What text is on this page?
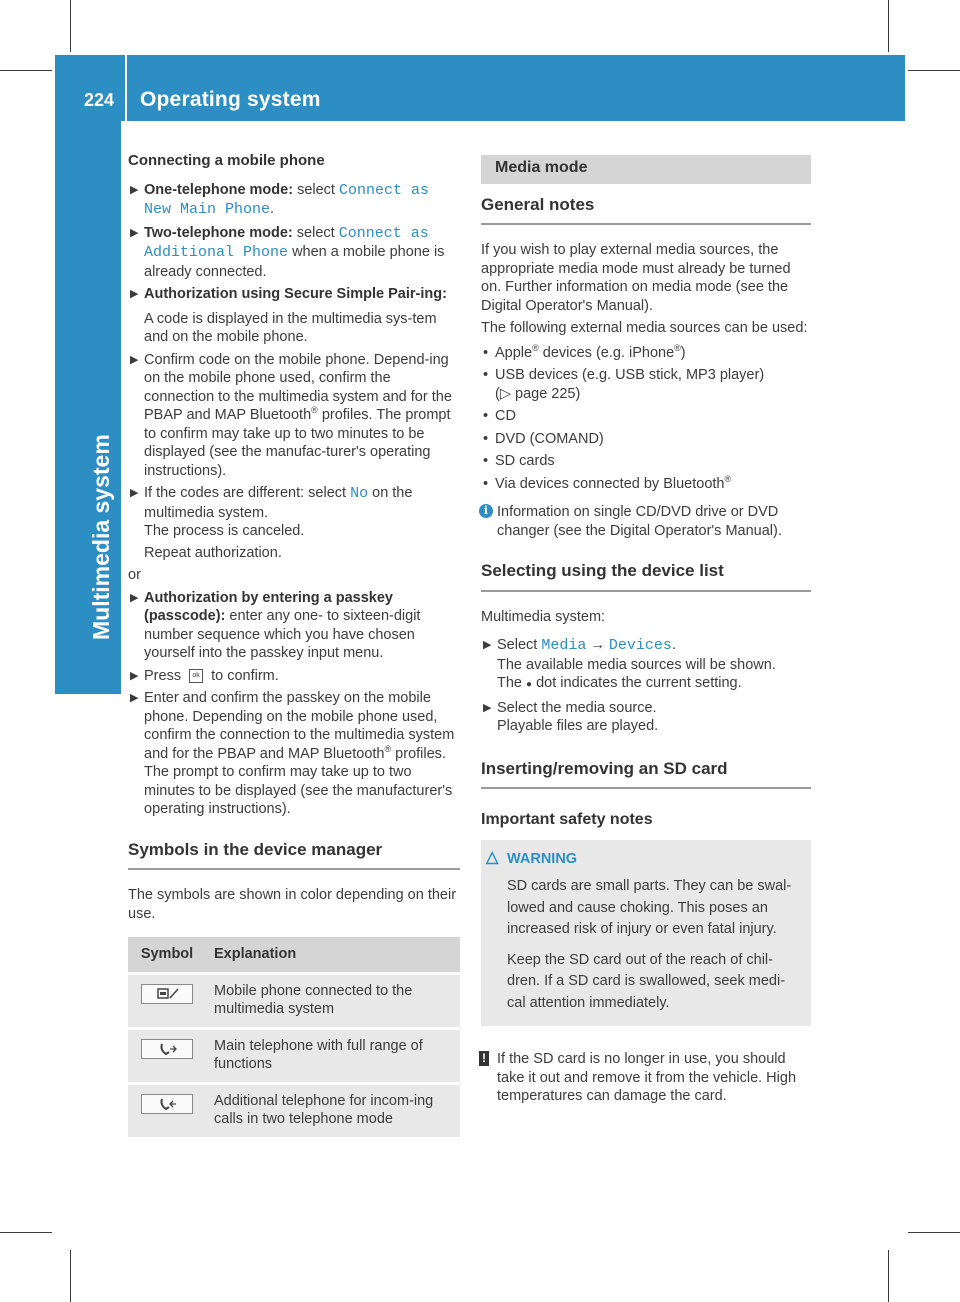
224 Operating system
Multimedia system

Connecting a mobile phone

▶ One-telephone mode: select Connect as
New Main Phone.
▶ Two-telephone mode: select Connect as
Additional Phone when a mobile phone is already connected.
▶ Authorization using Secure Simple Pair-ing:

A code is displayed in the multimedia sys-tem and on the mobile phone.

▶ Confirm code on the mobile phone. Depend-ing on the mobile phone used, confirm the connection to the multimedia system and for the PBAP and MAP Bluetooth® profiles. The prompt to confirm may take up to two minutes to be displayed (see the manufac-turer's operating instructions).
▶ If the codes are different: select No on the multimedia system.
The process is canceled.

Repeat authorization.

or

▶ Authorization by entering a passkey (passcode): enter any one- to sixteen-digit number sequence which you have chosen yourself into the passkey input menu.
▶ Press ok to confirm.
▶ Enter and confirm the passkey on the mobile phone. Depending on the mobile phone used, confirm the connection to the multimedia system and for the PBAP and MAP Bluetooth® profiles. The prompt to confirm may take up to two minutes to be displayed (see the manufacturer's operating instructions).
Symbols in the device manager

The symbols are shown in color depending on their use.

Symbol	Explanation
	Mobile phone connected to the multimedia system
	Main telephone with full range of functions
	Additional telephone for incom-ing calls in two telephone mode
Media mode
General notes

If you wish to play external media sources, the appropriate media mode must already be turned on. Further information on media mode (see the Digital Operator's Manual).

The following external media sources can be used:

• Apple® devices (e.g. iPhone®)
• USB devices (e.g. USB stick, MP3 player)
(▷ page 225)
• CD
• DVD (COMAND)
• SD cards
• Via devices connected by Bluetooth®
i Information on single CD/DVD drive or DVD changer (see the Digital Operator's Manual).
Selecting using the device list

Multimedia system:

▶ Select Media → Devices.
The available media sources will be shown.
The ● dot indicates the current setting.
▶ Select the media source.
Playable files are played.
Inserting/removing an SD card

Important safety notes

△ WARNING

SD cards are small parts. They can be swal-lowed and cause choking. This poses an increased risk of injury or even fatal injury.

Keep the SD card out of the reach of chil-dren. If a SD card is swallowed, seek medi-cal attention immediately.

! If the SD card is no longer in use, you should take it out and remove it from the vehicle. High temperatures can damage the card.
